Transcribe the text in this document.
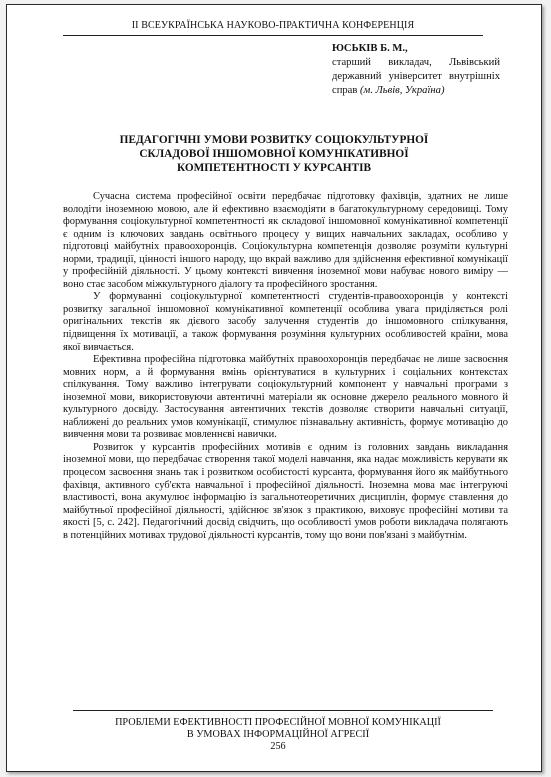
ІІ ВСЕУКРАЇНСЬКА НАУКОВО-ПРАКТИЧНА КОНФЕРЕНЦІЯ
ЮСЬКІВ Б. М.,
старший викладач, Львівський державний університет внутрішніх справ (м. Львів, Україна)
ПЕДАГОГІЧНІ УМОВИ РОЗВИТКУ СОЦІОКУЛЬТУРНОЇ
СКЛАДОВОЇ ІНШОМОВНОЇ КОМУНІКАТИВНОЇ
КОМПЕТЕНТНОСТІ У КУРСАНТІВ

Сучасна система професійної освіти передбачає підготовку фахівців, здатних не лише володіти іноземною мовою, але й ефективно взаємодіяти в багатокультурному середовищі. Тому формування соціокультурної компетентності як складової іншомовної комунікативної компетенції є одним із ключових завдань освітнього процесу у вищих навчальних закладах, особливо у підготовці майбутніх правоохоронців. Соціокультурна компетенція дозволяє розуміти культурні норми, традиції, цінності іншого народу, що вкрай важливо для здійснення ефективної комунікації у професійній діяльності. У цьому контексті вивчення іноземної мови набуває нового виміру — воно стає засобом міжкультурного діалогу та професійного зростання.

У формуванні соціокультурної компетентності студентів-правоохоронців у контексті розвитку загальної іншомовної комунікативної компетенції особлива увага приділяється ролі оригінальних текстів як дієвого засобу залучення студентів до іншомовного спілкування, підвищення їх мотивації, а також формування розуміння культурних особливостей країни, мова якої вивчається.

Ефективна професійна підготовка майбутніх правоохоронців передбачає не лише засвоєння мовних норм, а й формування вмінь орієнтуватися в культурних і соціальних контекстах спілкування. Тому важливо інтегрувати соціокультурний компонент у навчальні програми з іноземної мови, використовуючи автентичні матеріали як основне джерело реального мовного й культурного досвіду. Застосування автентичних текстів дозволяє створити навчальні ситуації, наближені до реальних умов комунікації, стимулює пізнавальну активність, формує мотивацію до вивчення мови та розвиває мовленнєві навички.

Розвиток у курсантів професійних мотивів є одним із головних завдань викладання іноземної мови, що передбачає створення такої моделі навчання, яка надає можливість керувати як процесом засвоєння знань так і розвитком особистості курсанта, формування його як майбутнього фахівця, активного суб'єкта навчальної і професійної діяльності. Іноземна мова має інтегруючі властивості, вона акумулює інформацію із загальнотеоретичних дисциплін, формує ставлення до майбутньої професійної діяльності, здійснює зв'язок з практикою, виховує професійні мотиви та якості [5, с. 242]. Педагогічний досвід свідчить, що особливості умов роботи викладача полягають в потенційних мотивах трудової діяльності курсантів, тому що вони пов'язані з майбутнім.

ПРОБЛЕМИ ЕФЕКТИВНОСТІ ПРОФЕСІЙНОЇ МОВНОЇ КОМУНІКАЦІЇ
В УМОВАХ ІНФОРМАЦІЙНОЇ АГРЕСІЇ
256
